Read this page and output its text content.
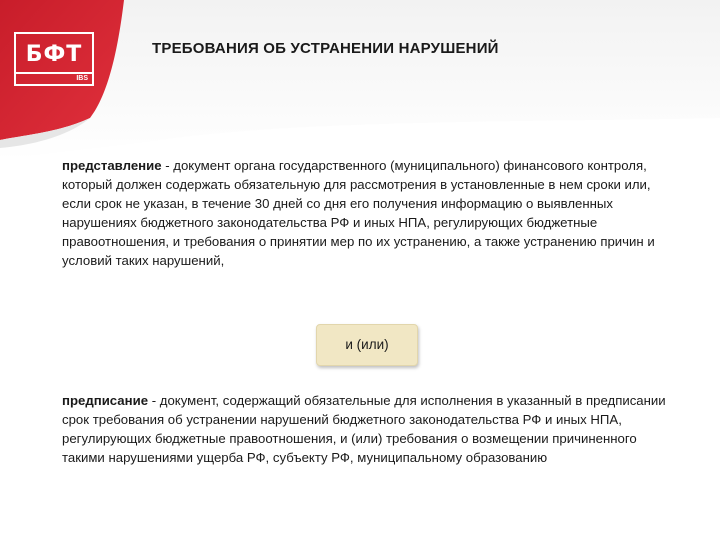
БФТ
IBS
ТРЕБОВАНИЯ ОБ УСТРАНЕНИИ НАРУШЕНИЙ
представление - документ органа государственного (муниципального) финансового контроля, который должен содержать обязательную для рассмотрения в установленные в нем сроки или, если срок не указан, в течение 30 дней со дня его получения информацию о выявленных нарушениях бюджетного законодательства РФ и иных НПА, регулирующих бюджетные правоотношения, и требования о принятии мер по их устранению, а также устранению причин и условий таких нарушений,
и (или)
предписание - документ, содержащий обязательные для исполнения в указанный в предписании срок требования об устранении нарушений бюджетного законодательства РФ и иных НПА, регулирующих бюджетные правоотношения, и (или) требования о возмещении причиненного такими нарушениями ущерба РФ, субъекту РФ, муниципальному образованию
